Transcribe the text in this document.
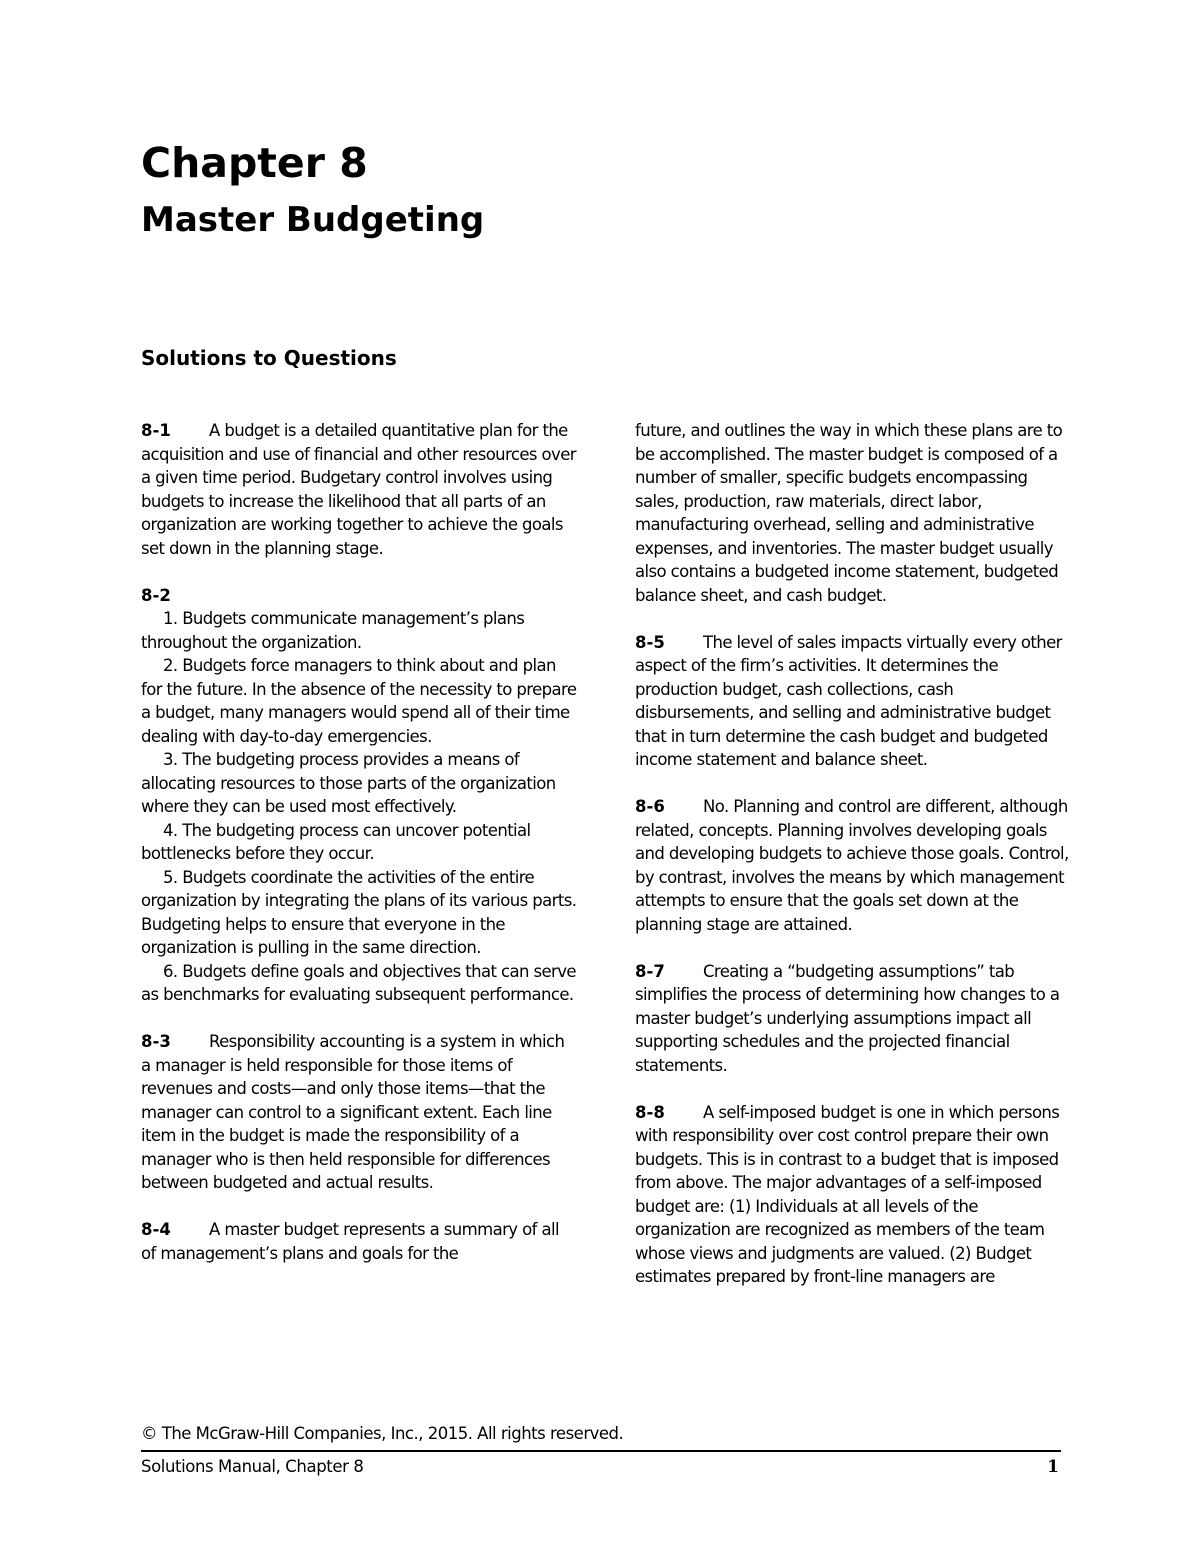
Chapter 8
Master Budgeting
Solutions to Questions

8-1 A budget is a detailed quantitative plan for the acquisition and use of financial and other resources over a given time period. Budgetary control involves using budgets to increase the likelihood that all parts of an organization are working together to achieve the goals set down in the planning stage.

8-2

1. Budgets communicate management’s plans throughout the organization.

2. Budgets force managers to think about and plan for the future. In the absence of the necessity to prepare a budget, many managers would spend all of their time dealing with day-to-day emergencies.

3. The budgeting process provides a means of allocating resources to those parts of the organization where they can be used most effectively.

4. The budgeting process can uncover potential bottlenecks before they occur.

5. Budgets coordinate the activities of the entire organization by integrating the plans of its various parts. Budgeting helps to ensure that everyone in the organization is pulling in the same direction.

6. Budgets define goals and objectives that can serve as benchmarks for evaluating subsequent performance.

8-3 Responsibility accounting is a system in which a manager is held responsible for those items of revenues and costs—and only those items—that the manager can control to a significant extent. Each line item in the budget is made the responsibility of a manager who is then held responsible for differences between budgeted and actual results.

8-4 A master budget represents a summary of all of management’s plans and goals for the

future, and outlines the way in which these plans are to be accomplished. The master budget is composed of a number of smaller, specific budgets encompassing sales, production, raw materials, direct labor, manufacturing overhead, selling and administrative expenses, and inventories. The master budget usually also contains a budgeted income statement, budgeted balance sheet, and cash budget.

8-5 The level of sales impacts virtually every other aspect of the firm’s activities. It determines the production budget, cash collections, cash disbursements, and selling and administrative budget that in turn determine the cash budget and budgeted income statement and balance sheet.

8-6 No. Planning and control are different, although related, concepts. Planning involves developing goals and developing budgets to achieve those goals. Control, by contrast, involves the means by which management attempts to ensure that the goals set down at the planning stage are attained.

8-7 Creating a “budgeting assumptions” tab simplifies the process of determining how changes to a master budget’s underlying assumptions impact all supporting schedules and the projected financial statements.

8-8 A self-imposed budget is one in which persons with responsibility over cost control prepare their own budgets. This is in contrast to a budget that is imposed from above. The major advantages of a self-imposed budget are: (1) Individuals at all levels of the organization are recognized as members of the team whose views and judgments are valued. (2) Budget estimates prepared by front-line managers are

© The McGraw-Hill Companies, Inc., 2015. All rights reserved.
Solutions Manual, Chapter 8	1
